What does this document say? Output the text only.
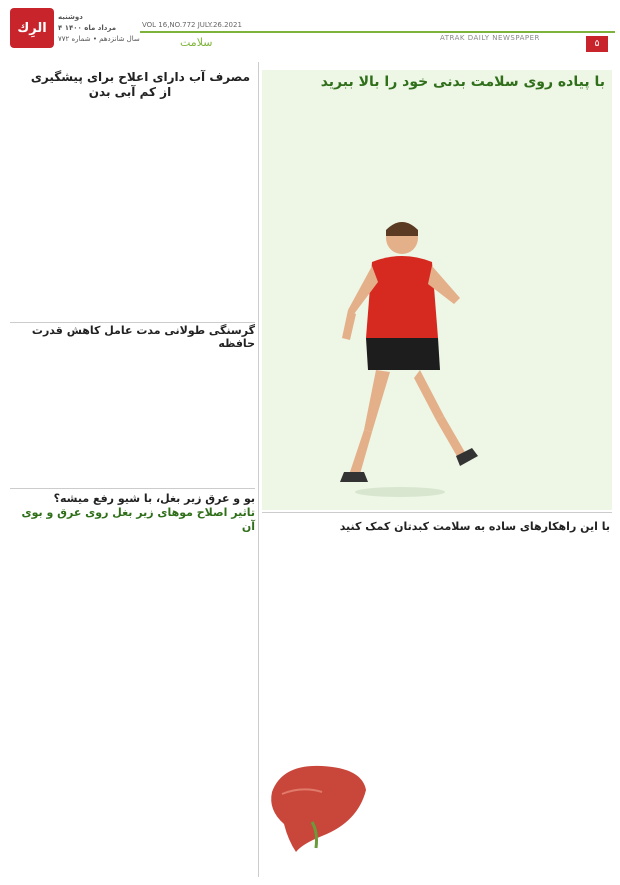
الرِك
دوشنبه
۴ مرداد ماه ۱۴۰۰
سال شانزدهم • شماره ۷۷۲
VOL 16,NO.772 JULY.26.2021
سلامت	ATRAK DAILY NEWSPAPER
۵
مصرف آب دارای اعلاح برای پیشگیری
از کم آبی بدن
گرسنگی طولانی مدت عامل کاهش قدرت حافظه
بو و عرق زیر بغل، با شیو رفع میشه؟
تاثیر اصلاح موهای زیر بغل روی عرق و بوی آن
با پیاده روی سلامت بدنی خود را بالا ببرید
با این راهکارهای ساده به سلامت کبدتان کمک کنید
